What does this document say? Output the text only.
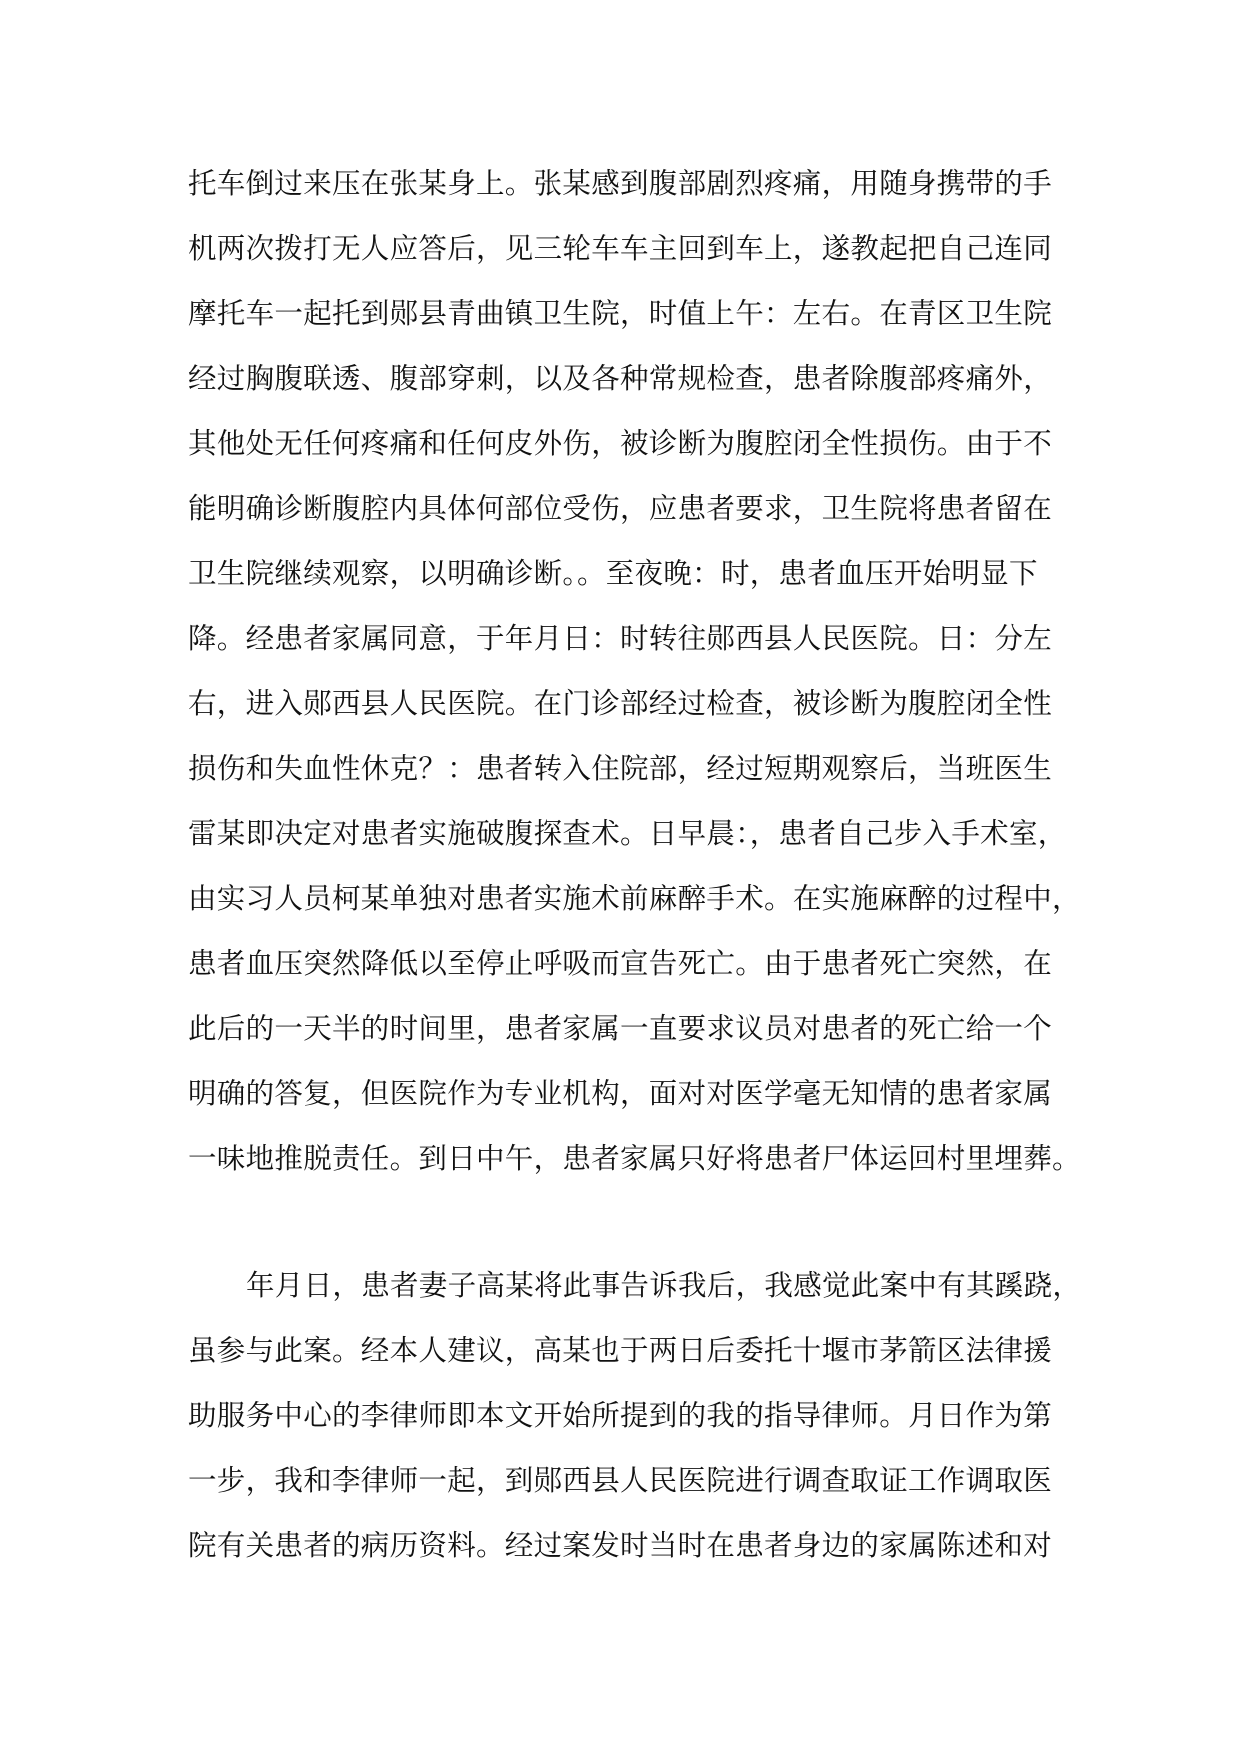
托车倒过来压在张某身上。张某感到腹部剧烈疼痛，用随身携带的手
机两次拨打无人应答后，见三轮车车主回到车上，遂教起把自己连同
摩托车一起托到郧县青曲镇卫生院，时值上午：左右。在青区卫生院
经过胸腹联透、腹部穿刺，以及各种常规检查，患者除腹部疼痛外，
其他处无任何疼痛和任何皮外伤，被诊断为腹腔闭全性损伤。由于不
能明确诊断腹腔内具体何部位受伤，应患者要求，卫生院将患者留在
卫生院继续观察，以明确诊断。。至夜晚：时，患者血压开始明显下
降。经患者家属同意，于年月日：时转往郧西县人民医院。日：分左
右，进入郧西县人民医院。在门诊部经过检查，被诊断为腹腔闭全性
损伤和失血性休克？：患者转入住院部，经过短期观察后，当班医生
雷某即决定对患者实施破腹探查术。日早晨：，患者自己步入手术室，
由实习人员柯某单独对患者实施术前麻醉手术。在实施麻醉的过程中，
患者血压突然降低以至停止呼吸而宣告死亡。由于患者死亡突然，在
此后的一天半的时间里，患者家属一直要求议员对患者的死亡给一个
明确的答复，但医院作为专业机构，面对对医学毫无知情的患者家属
一味地推脱责任。到日中午，患者家属只好将患者尸体运回村里埋葬。
年月日，患者妻子高某将此事告诉我后，我感觉此案中有其蹊跷，
虽参与此案。经本人建议，高某也于两日后委托十堰市茅箭区法律援
助服务中心的李律师即本文开始所提到的我的指导律师。月日作为第
一步，我和李律师一起，到郧西县人民医院进行调查取证工作调取医
院有关患者的病历资料。经过案发时当时在患者身边的家属陈述和对
